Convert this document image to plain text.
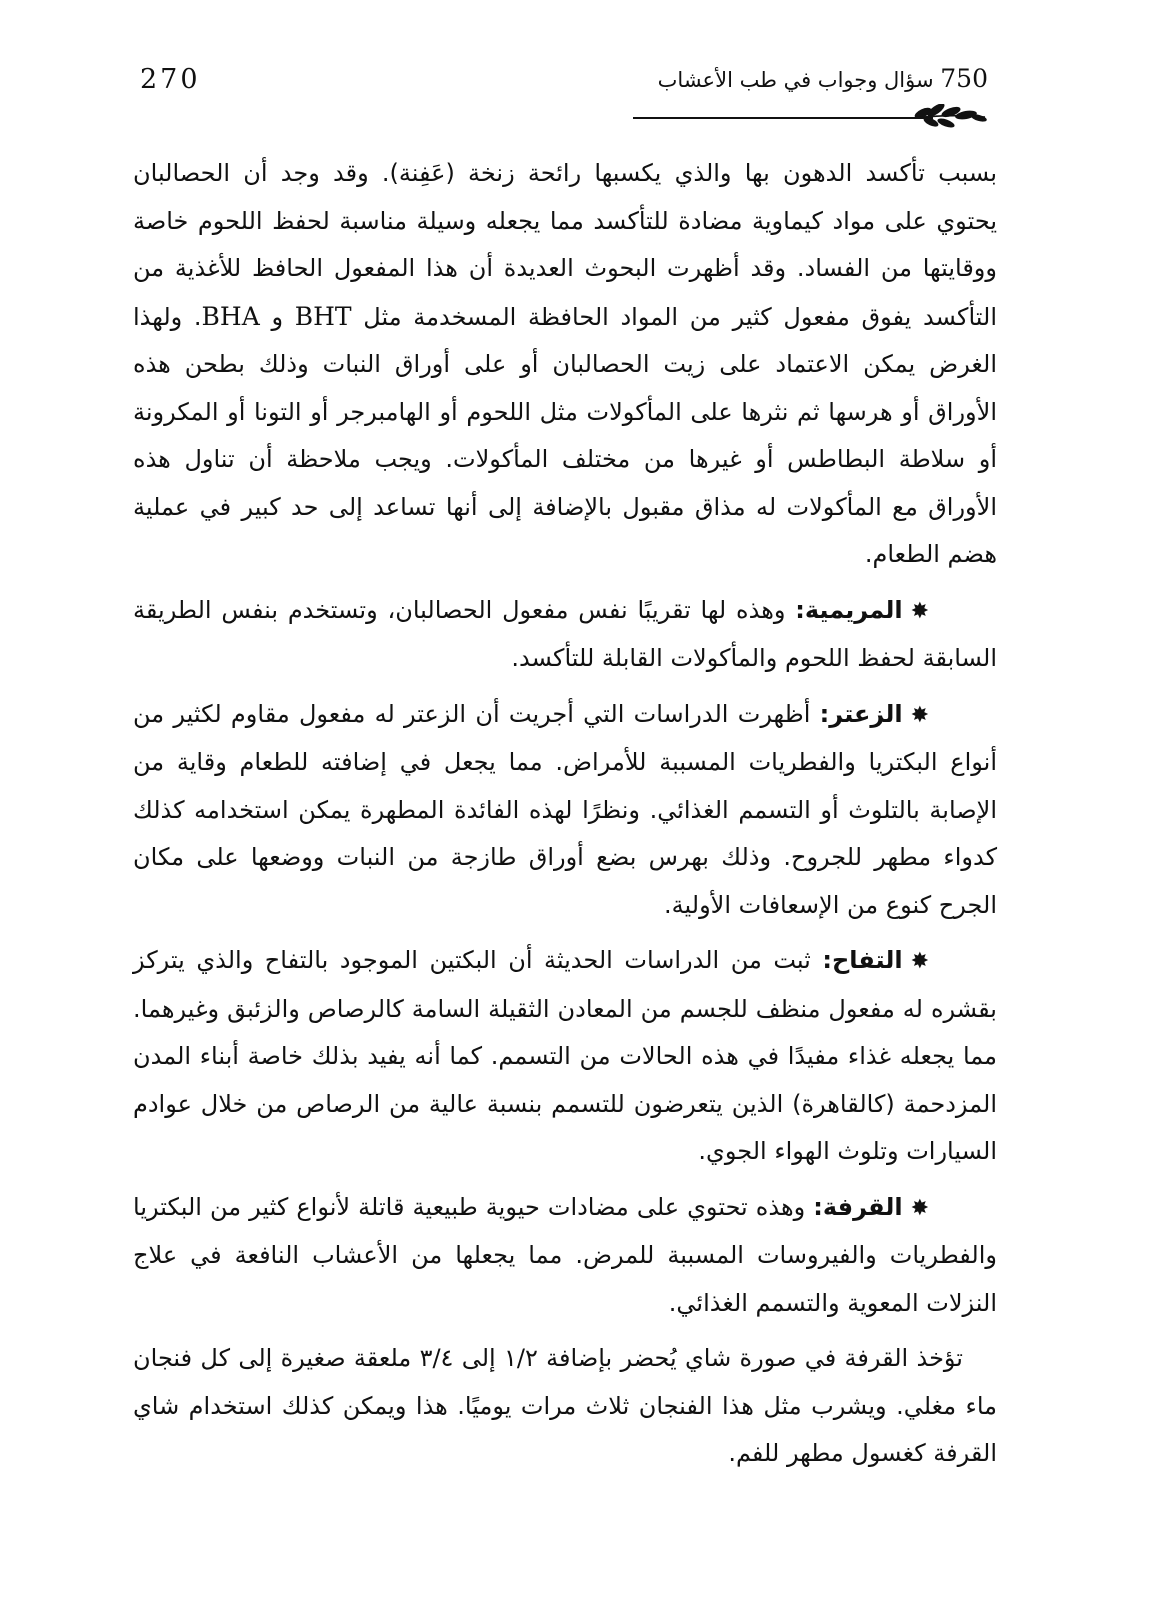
270	750 سؤال وجواب في طب الأعشاب

بسبب تأكسد الدهون بها والذي يكسبها رائحة زنخة (عَفِنة). وقد وجد أن الحصالبان يحتوي على مواد كيماوية مضادة للتأكسد مما يجعله وسيلة مناسبة لحفظ اللحوم خاصة ووقايتها من الفساد. وقد أظهرت البحوث العديدة أن هذا المفعول الحافظ للأغذية من التأكسد يفوق مفعول كثير من المواد الحافظة المسخدمة مثل BHT و BHA. ولهذا الغرض يمكن الاعتماد على زيت الحصالبان أو على أوراق النبات وذلك بطحن هذه الأوراق أو هرسها ثم نثرها على المأكولات مثل اللحوم أو الهامبرجر أو التونا أو المكرونة أو سلاطة البطاطس أو غيرها من مختلف المأكولات. ويجب ملاحظة أن تناول هذه الأوراق مع المأكولات له مذاق مقبول بالإضافة إلى أنها تساعد إلى حد كبير في عملية هضم الطعام.

✸المريمية: وهذه لها تقريبًا نفس مفعول الحصالبان، وتستخدم بنفس الطريقة السابقة لحفظ اللحوم والمأكولات القابلة للتأكسد.

✸الزعتر: أظهرت الدراسات التي أجريت أن الزعتر له مفعول مقاوم لكثير من أنواع البكتريا والفطريات المسببة للأمراض. مما يجعل في إضافته للطعام وقاية من الإصابة بالتلوث أو التسمم الغذائي. ونظرًا لهذه الفائدة المطهرة يمكن استخدامه كذلك كدواء مطهر للجروح. وذلك بهرس بضع أوراق طازجة من النبات ووضعها على مكان الجرح كنوع من الإسعافات الأولية.

✸التفاح: ثبت من الدراسات الحديثة أن البكتين الموجود بالتفاح والذي يتركز بقشره له مفعول منظف للجسم من المعادن الثقيلة السامة كالرصاص والزئبق وغيرهما. مما يجعله غذاء مفيدًا في هذه الحالات من التسمم. كما أنه يفيد بذلك خاصة أبناء المدن المزدحمة (كالقاهرة) الذين يتعرضون للتسمم بنسبة عالية من الرصاص من خلال عوادم السيارات وتلوث الهواء الجوي.

✸القرفة: وهذه تحتوي على مضادات حيوية طبيعية قاتلة لأنواع كثير من البكتريا والفطريات والفيروسات المسببة للمرض. مما يجعلها من الأعشاب النافعة في علاج النزلات المعوية والتسمم الغذائي.

تؤخذ القرفة في صورة شاي يُحضر بإضافة ١/٢ إلى ٣/٤ ملعقة صغيرة إلى كل فنجان ماء مغلي. ويشرب مثل هذا الفنجان ثلاث مرات يوميًا. هذا ويمكن كذلك استخدام شاي القرفة كغسول مطهر للفم.
